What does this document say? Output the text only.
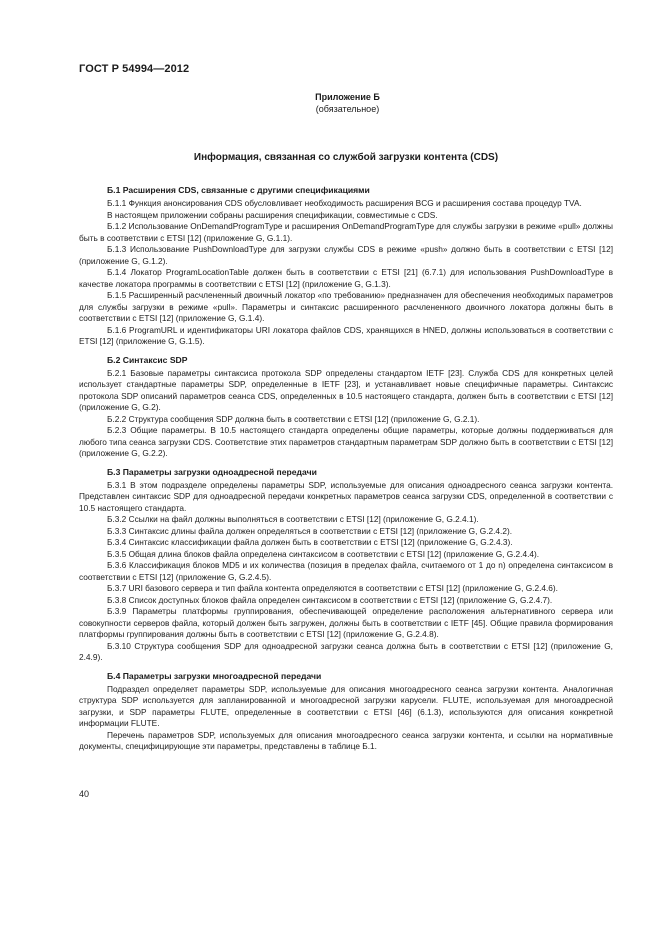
ГОСТ Р 54994—2012
Приложение Б
(обязательное)
Информация, связанная со службой загрузки контента (CDS)
Б.1 Расширения CDS, связанные с другими спецификациями

Б.1.1 Функция анонсирования CDS обусловливает необходимость расширения BCG и расширения состава процедур TVA.

В настоящем приложении собраны расширения спецификации, совместимые с CDS.

Б.1.2 Использование OnDemandProgramType и расширения OnDemandProgramType для службы загрузки в режиме «pull» должны быть в соответствии с ETSI [12] (приложение G, G.1.1).

Б.1.3 Использование PushDownloadType для загрузки службы CDS в режиме «push» должно быть в соответствии с ETSI [12] (приложение G, G.1.2).

Б.1.4 Локатор ProgramLocationTable должен быть в соответствии с ETSI [21] (6.7.1) для использования PushDownloadType в качестве локатора программы в соответствии с ETSI [12] (приложение G, G.1.3).

Б.1.5 Расширенный расчлененный двоичный локатор «по требованию» предназначен для обеспечения необходимых параметров для службы загрузки в режиме «pull». Параметры и синтаксис расширенного расчлененного двоичного локатора должны быть в соответствии с ETSI [12] (приложение G, G.1.4).

Б.1.6 ProgramURL и идентификаторы URI локатора файлов CDS, хранящихся в HNED, должны использоваться в соответствии с ETSI [12] (приложение G, G.1.5).

Б.2 Синтаксис SDP

Б.2.1 Базовые параметры синтаксиса протокола SDP определены стандартом IETF [23]. Служба CDS для конкретных целей использует стандартные параметры SDP, определенные в IETF [23], и устанавливает новые специфичные параметры. Синтаксис протокола SDP описаний параметров сеанса CDS, определенных в 10.5 настоящего стандарта, должен быть в соответствии с ETSI [12] (приложение G, G.2).

Б.2.2 Структура сообщения SDP должна быть в соответствии с ETSI [12] (приложение G, G.2.1).

Б.2.3 Общие параметры. В 10.5 настоящего стандарта определены общие параметры, которые должны поддерживаться для любого типа сеанса загрузки CDS. Соответствие этих параметров стандартным параметрам SDP должно быть в соответствии с ETSI [12] (приложение G, G.2.2).

Б.3 Параметры загрузки одноадресной передачи

Б.3.1 В этом подразделе определены параметры SDP, используемые для описания одноадресного сеанса загрузки контента. Представлен синтаксис SDP для одноадресной передачи конкретных параметров сеанса загрузки CDS, определенной в соответствии с 10.5 настоящего стандарта.

Б.3.2 Ссылки на файл должны выполняться в соответствии с ETSI [12] (приложение G, G.2.4.1).

Б.3.3 Синтаксис длины файла должен определяться в соответствии с ETSI [12] (приложение G, G.2.4.2).

Б.3.4 Синтаксис классификации файла должен быть в соответствии с ETSI [12] (приложение G, G.2.4.3).

Б.3.5 Общая длина блоков файла определена синтаксисом в соответствии с ETSI [12] (приложение G, G.2.4.4).

Б.3.6 Классификация блоков MD5 и их количества (позиция в пределах файла, считаемого от 1 до n) определена синтаксисом в соответствии с ETSI [12] (приложение G, G.2.4.5).

Б.3.7 URI базового сервера и тип файла контента определяются в соответствии с ETSI [12] (приложение G, G.2.4.6).

Б.3.8 Список доступных блоков файла определен синтаксисом в соответствии с ETSI [12] (приложение G, G.2.4.7).

Б.3.9 Параметры платформы группирования, обеспечивающей определение расположения альтернативного сервера или совокупности серверов файла, который должен быть загружен, должны быть в соответствии с IETF [45]. Общие правила формирования платформы группирования должны быть в соответствии с ETSI [12] (приложение G, G.2.4.8).

Б.3.10 Структура сообщения SDP для одноадресной загрузки сеанса должна быть в соответствии с ETSI [12] (приложение G, 2.4.9).

Б.4 Параметры загрузки многоадресной передачи

Подраздел определяет параметры SDP, используемые для описания многоадресного сеанса загрузки контента. Аналогичная структура SDP используется для запланированной и многоадресной загрузки карусели. FLUTE, используемая для многоадресной загрузки, и SDP параметры FLUTE, определенные в соответствии с ETSI [46] (6.1.3), используются для описания конкретной информации FLUTE.

Перечень параметров SDP, используемых для описания многоадресного сеанса загрузки контента, и ссылки на нормативные документы, специфицирующие эти параметры, представлены в таблице Б.1.

40
